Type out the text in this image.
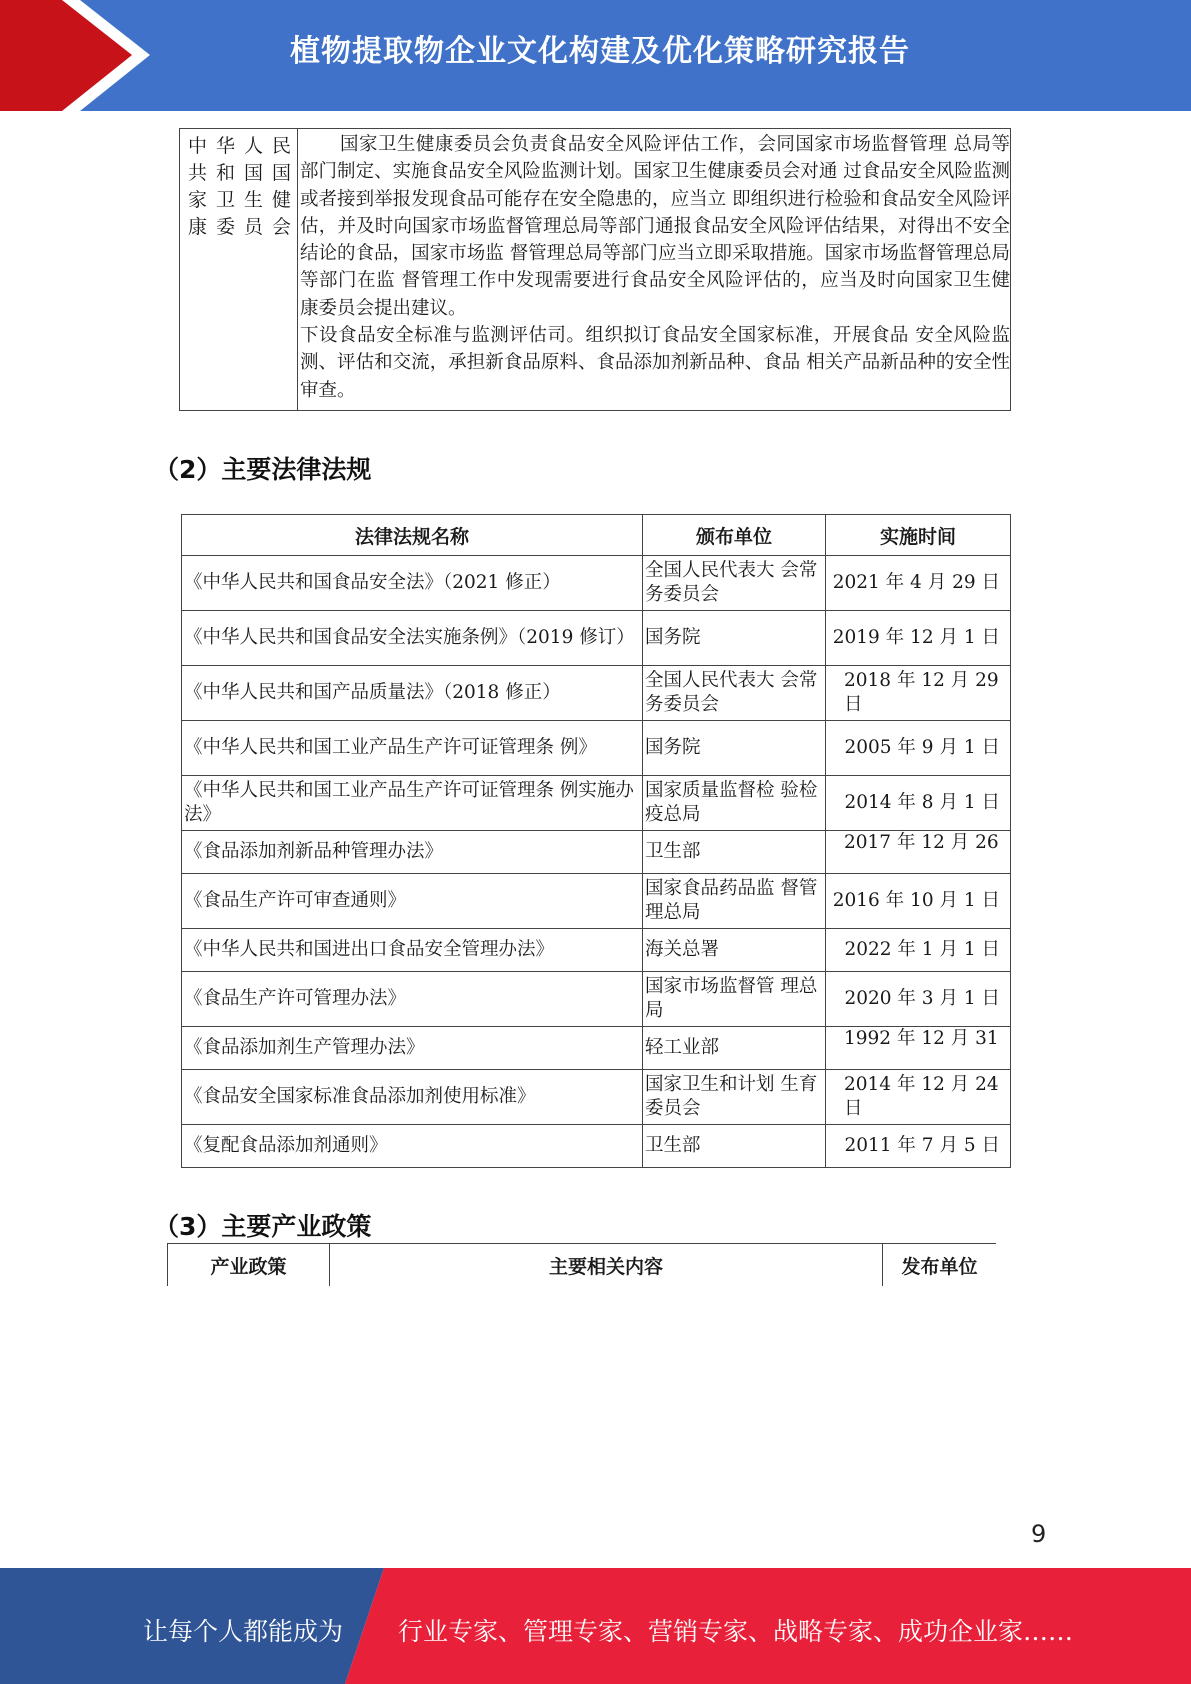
植物提取物企业文化构建及优化策略研究报告
中华人民
共和国国
家卫生健
康委员会

国家卫生健康委员会负责食品安全风险评估工作，会同国家市场监督管理 总局等部门制定、实施食品安全风险监测计划。国家卫生健康委员会对通 过食品安全风险监测或者接到举报发现食品可能存在安全隐患的，应当立 即组织进行检验和食品安全风险评估，并及时向国家市场监督管理总局等部门通报食品安全风险评估结果，对得出不安全结论的食品，国家市场监 督管理总局等部门应当立即采取措施。国家市场监督管理总局等部门在监 督管理工作中发现需要进行食品安全风险评估的，应当及时向国家卫生健 康委员会提出建议。

下设食品安全标准与监测评估司。组织拟订食品安全国家标准，开展食品 安全风险监测、评估和交流，承担新食品原料、食品添加剂新品种、食品 相关产品新品种的安全性审查。

（2）主要法律法规
法律法规名称	颁布单位	实施时间
《中华人民共和国食品安全法》（2021 修正）	全国人民代表大 会常务委员会	2021 年 4 月 29 日
《中华人民共和国食品安全法实施条例》（2019 修订）	国务院	2019 年 12 月 1 日
《中华人民共和国产品质量法》（2018 修正）	全国人民代表大 会常务委员会	2018 年 12 月 29 日
《中华人民共和国工业产品生产许可证管理条 例》	国务院	2005 年 9 月 1 日
《中华人民共和国工业产品生产许可证管理条 例实施办法》	国家质量监督检 验检疫总局	2014 年 8 月 1 日
《食品添加剂新品种管理办法》	卫生部	2017 年 12 月 26
《食品生产许可审查通则》	国家食品药品监 督管理总局	2016 年 10 月 1 日
《中华人民共和国进出口食品安全管理办法》	海关总署	2022 年 1 月 1 日
《食品生产许可管理办法》	国家市场监督管 理总局	2020 年 3 月 1 日
《食品添加剂生产管理办法》	轻工业部	1992 年 12 月 31
《食品安全国家标准食品添加剂使用标准》	国家卫生和计划 生育委员会	2014 年 12 月 24 日
《复配食品添加剂通则》	卫生部	2011 年 7 月 5 日
（3）主要产业政策
产业政策	主要相关内容	发布单位
9
让每个人都能成为 行业专家、管理专家、营销专家、战略专家、成功企业家……
